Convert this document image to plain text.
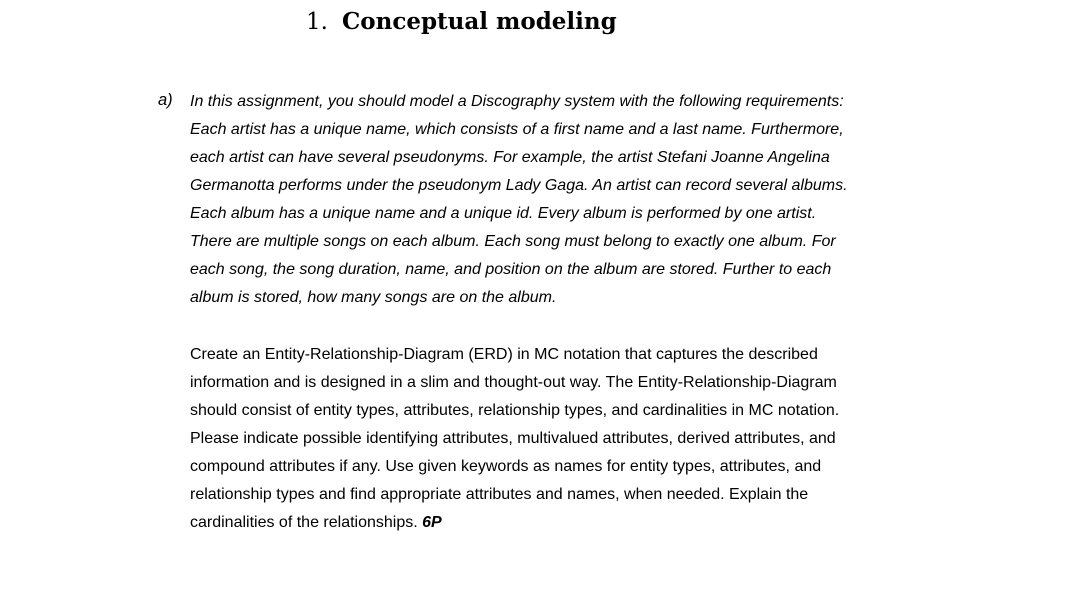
1. Conceptual modeling
a) In this assignment, you should model a Discography system with the following requirements:
Each artist has a unique name, which consists of a first name and a last name. Furthermore,
each artist can have several pseudonyms. For example, the artist Stefani Joanne Angelina
Germanotta performs under the pseudonym Lady Gaga. An artist can record several albums.
Each album has a unique name and a unique id. Every album is performed by one artist.
There are multiple songs on each album. Each song must belong to exactly one album. For
each song, the song duration, name, and position on the album are stored. Further to each
album is stored, how many songs are on the album.
Create an Entity-Relationship-Diagram (ERD) in MC notation that captures the described
information and is designed in a slim and thought-out way. The Entity-Relationship-Diagram
should consist of entity types, attributes, relationship types, and cardinalities in MC notation.
Please indicate possible identifying attributes, multivalued attributes, derived attributes, and
compound attributes if any. Use given keywords as names for entity types, attributes, and
relationship types and find appropriate attributes and names, when needed. Explain the
cardinalities of the relationships. 6P
